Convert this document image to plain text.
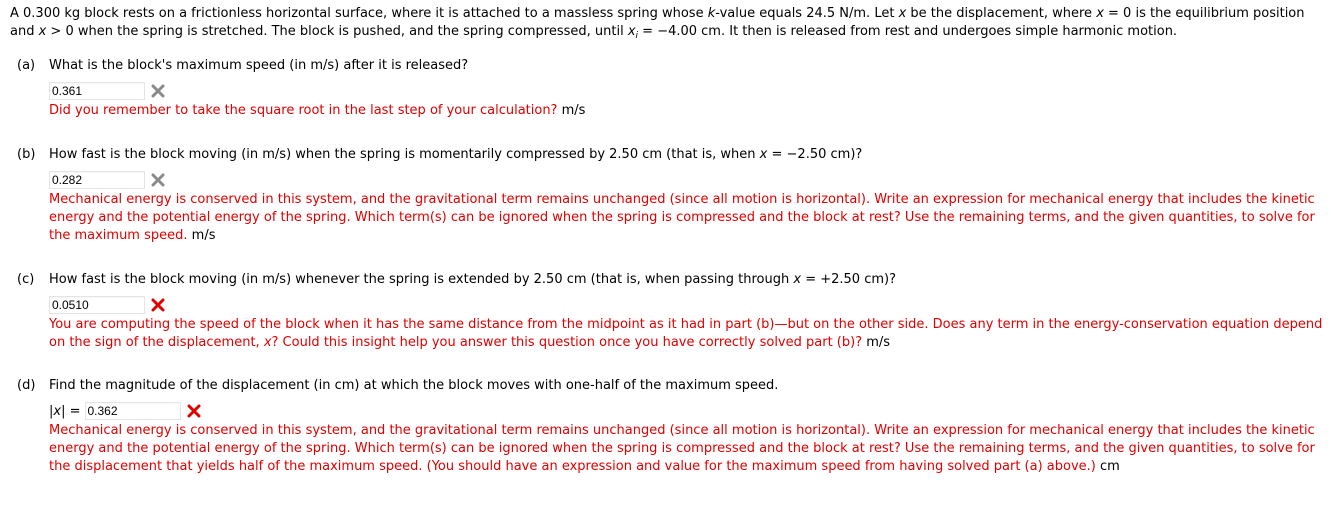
A 0.300 kg block rests on a frictionless horizontal surface, where it is attached to a massless spring whose k-value equals 24.5 N/m. Let x be the displacement, where x = 0 is the equilibrium position and x > 0 when the spring is stretched. The block is pushed, and the spring compressed, until $x_i = -4.00$ cm. It then is released from rest and undergoes simple harmonic motion.

(a)	What is the block's maximum speed (in m/s) after it is released?
0.361
Did you remember to take the square root in the last step of your calculation? m/s
(b)	How fast is the block moving (in m/s) when the spring is momentarily compressed by 2.50 cm (that is, when x = −2.50 cm)?
0.282
Mechanical energy is conserved in this system, and the gravitational term remains unchanged (since all motion is horizontal). Write an expression for mechanical energy that includes the kinetic energy and the potential energy of the spring. Which term(s) can be ignored when the spring is compressed and the block at rest? Use the remaining terms, and the given quantities, to solve for the maximum speed. m/s
(c)	How fast is the block moving (in m/s) whenever the spring is extended by 2.50 cm (that is, when passing through x = +2.50 cm)?
0.0510
You are computing the speed of the block when it has the same distance from the midpoint as it had in part (b)—but on the other side. Does any term in the energy-conservation equation depend on the sign of the displacement, x? Could this insight help you answer this question once you have correctly solved part (b)? m/s
(d)	Find the magnitude of the displacement (in cm) at which the block moves with one-half of the maximum speed.
|x| =
0.362
Mechanical energy is conserved in this system, and the gravitational term remains unchanged (since all motion is horizontal). Write an expression for mechanical energy that includes the kinetic energy and the potential energy of the spring. Which term(s) can be ignored when the spring is compressed and the block at rest? Use the remaining terms, and the given quantities, to solve for the displacement that yields half of the maximum speed. (You should have an expression and value for the maximum speed from having solved part (a) above.) cm
